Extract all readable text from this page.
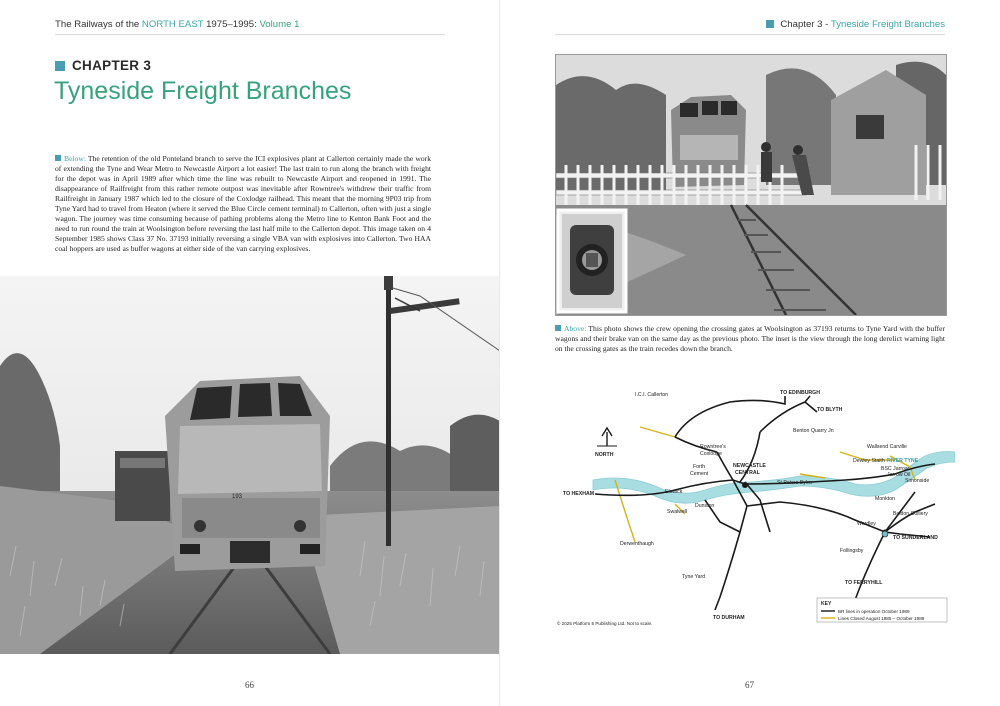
The Railways of the NORTH EAST 1975–1995: Volume 1
CHAPTER 3
Tyneside Freight Branches
Below: The retention of the old Ponteland branch to serve the ICI explosives plant at Callerton certainly made the work of extending the Tyne and Wear Metro to Newcastle Airport a lot easier! The last train to run along the branch with freight for the depot was in April 1989 after which time the line was rebuilt to Newcastle Airport and reopened in 1991. The disappearance of Railfreight from this rather remote outpost was inevitable after Rowntree's withdrew their traffic from Railfreight in January 1987 which led to the closure of the Coxlodge railhead. This meant that the morning 9P03 trip from Tyne Yard had to travel from Heaton (where it served the Blue Circle cement terminal) to Callerton, often with just a single wagon. The journey was time consuming because of pathing problems along the Metro line to Kenton Bank Foot and the need to run round the train at Woolsington before reversing the last half mile to the Callerton depot. This image taken on 4 September 1985 shows Class 37 No. 37193 initially reversing a single VBA van with explosives into Callerton. Two HAA coal hoppers are used as buffer wagons at either side of the van carrying explosives.
193
66
Chapter 3 - Tyneside Freight Branches
Above: This photo shows the crew opening the crossing gates at Woolsington as 37193 returns to Tyne Yard with the buffer wagons and their brake van on the same day as the previous photo. The inset is the view through the long derelict warning light on the crossing gates as the train recedes down the branch.
67
I.C.I. Callerton	TO EDINBURGH
TO BLYTH
Benton Quarry Jn
Rowntree's
Coxlodge
NORTH
Wallsend Carville
Dewley Staith RIVER TYNE
BSC Jarrow
Jarrow Oil
Simonside
Forth
Cement
NEWCASTLE
CENTRAL
St Peters Byker
Elswick
Dunston
Swalwell
TO HEXHAM
Monkton
Boldon Colliery
Wardley
TO SUNDERLAND
Derwenthaugh
Follingsby
TO FERRYHILL
Tyne Yard
TO DURHAM
© 2025 Platform 5 Publishing Ltd. Not to scale.
KEY
BR lines in operation October 1989
Lines Closed August 1985 – October 1989
